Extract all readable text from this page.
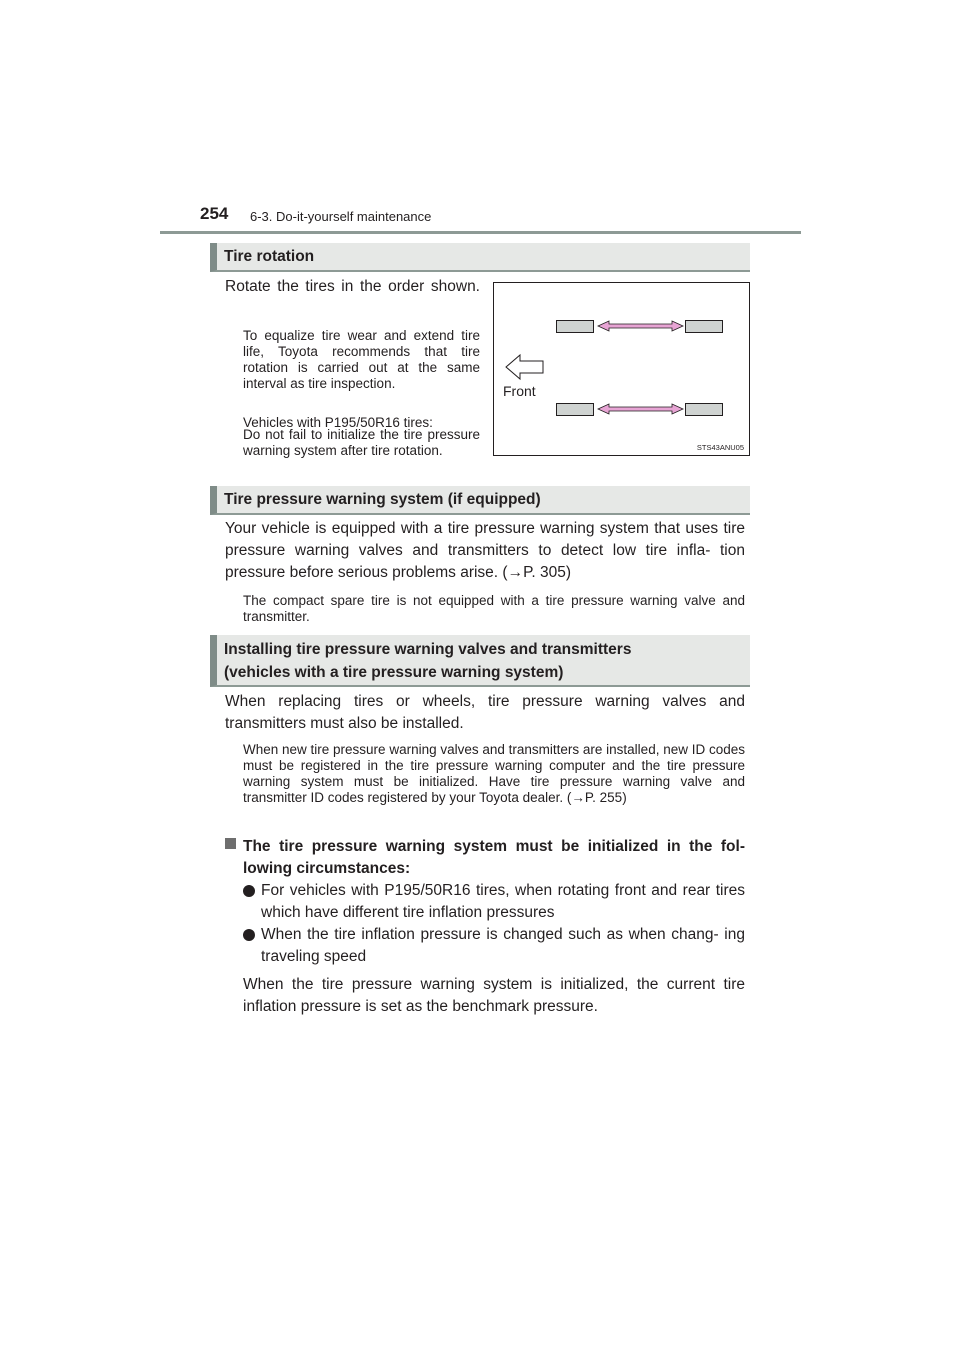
254 6-3. Do-it-yourself maintenance
Tire rotation
Rotate the tires in the order shown.
To equalize tire wear and extend tire life, Toyota recommends that tire rotation is carried out at the same interval as tire inspection.
Vehicles with P195/50R16 tires:
Do not fail to initialize the tire pressure warning system after tire rotation.
Front
STS43ANU05
Tire pressure warning system (if equipped)
Your vehicle is equipped with a tire pressure warning system that uses tire pressure warning valves and transmitters to detect low tire infla- tion pressure before serious problems arise. (→P. 305)
The compact spare tire is not equipped with a tire pressure warning valve and transmitter.
Installing tire pressure warning valves and transmitters
(vehicles with a tire pressure warning system)
When replacing tires or wheels, tire pressure warning valves and transmitters must also be installed.
When new tire pressure warning valves and transmitters are installed, new ID codes must be registered in the tire pressure warning computer and the tire pressure warning system must be initialized. Have tire pressure warning valve and transmitter ID codes registered by your Toyota dealer. (→P. 255)
The tire pressure warning system must be initialized in the fol- lowing circumstances:
For vehicles with P195/50R16 tires, when rotating front and rear tires which have different tire inflation pressures
When the tire inflation pressure is changed such as when chang- ing traveling speed
When the tire pressure warning system is initialized, the current tire inflation pressure is set as the benchmark pressure.
